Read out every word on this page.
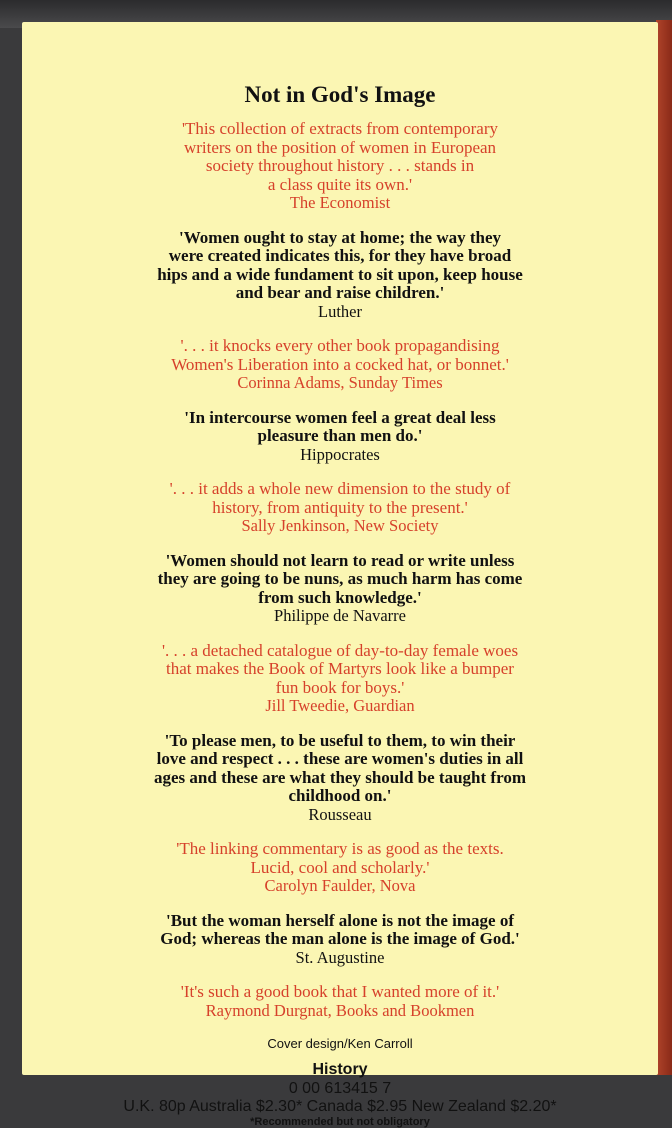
Not in God's Image
'This collection of extracts from contemporary
writers on the position of women in European
society throughout history . . . stands in
a class quite its own.'
The Economist
'Women ought to stay at home; the way they
were created indicates this, for they have broad
hips and a wide fundament to sit upon, keep house
and bear and raise children.'
Luther
'. . . it knocks every other book propagandising
Women's Liberation into a cocked hat, or bonnet.'
Corinna Adams, Sunday Times
'In intercourse women feel a great deal less
pleasure than men do.'
Hippocrates
'. . . it adds a whole new dimension to the study of
history, from antiquity to the present.'
Sally Jenkinson, New Society
'Women should not learn to read or write unless
they are going to be nuns, as much harm has come
from such knowledge.'
Philippe de Navarre
'. . . a detached catalogue of day-to-day female woes
that makes the Book of Martyrs look like a bumper
fun book for boys.'
Jill Tweedie, Guardian
'To please men, to be useful to them, to win their
love and respect . . . these are women's duties in all
ages and these are what they should be taught from
childhood on.'
Rousseau
'The linking commentary is as good as the texts.
Lucid, cool and scholarly.'
Carolyn Faulder, Nova
'But the woman herself alone is not the image of
God; whereas the man alone is the image of God.'
St. Augustine
'It's such a good book that I wanted more of it.'
Raymond Durgnat, Books and Bookmen
Cover design/Ken Carroll
History
0 00 613415 7
U.K. 80p Australia $2.30* Canada $2.95 New Zealand $2.20*
*Recommended but not obligatory
